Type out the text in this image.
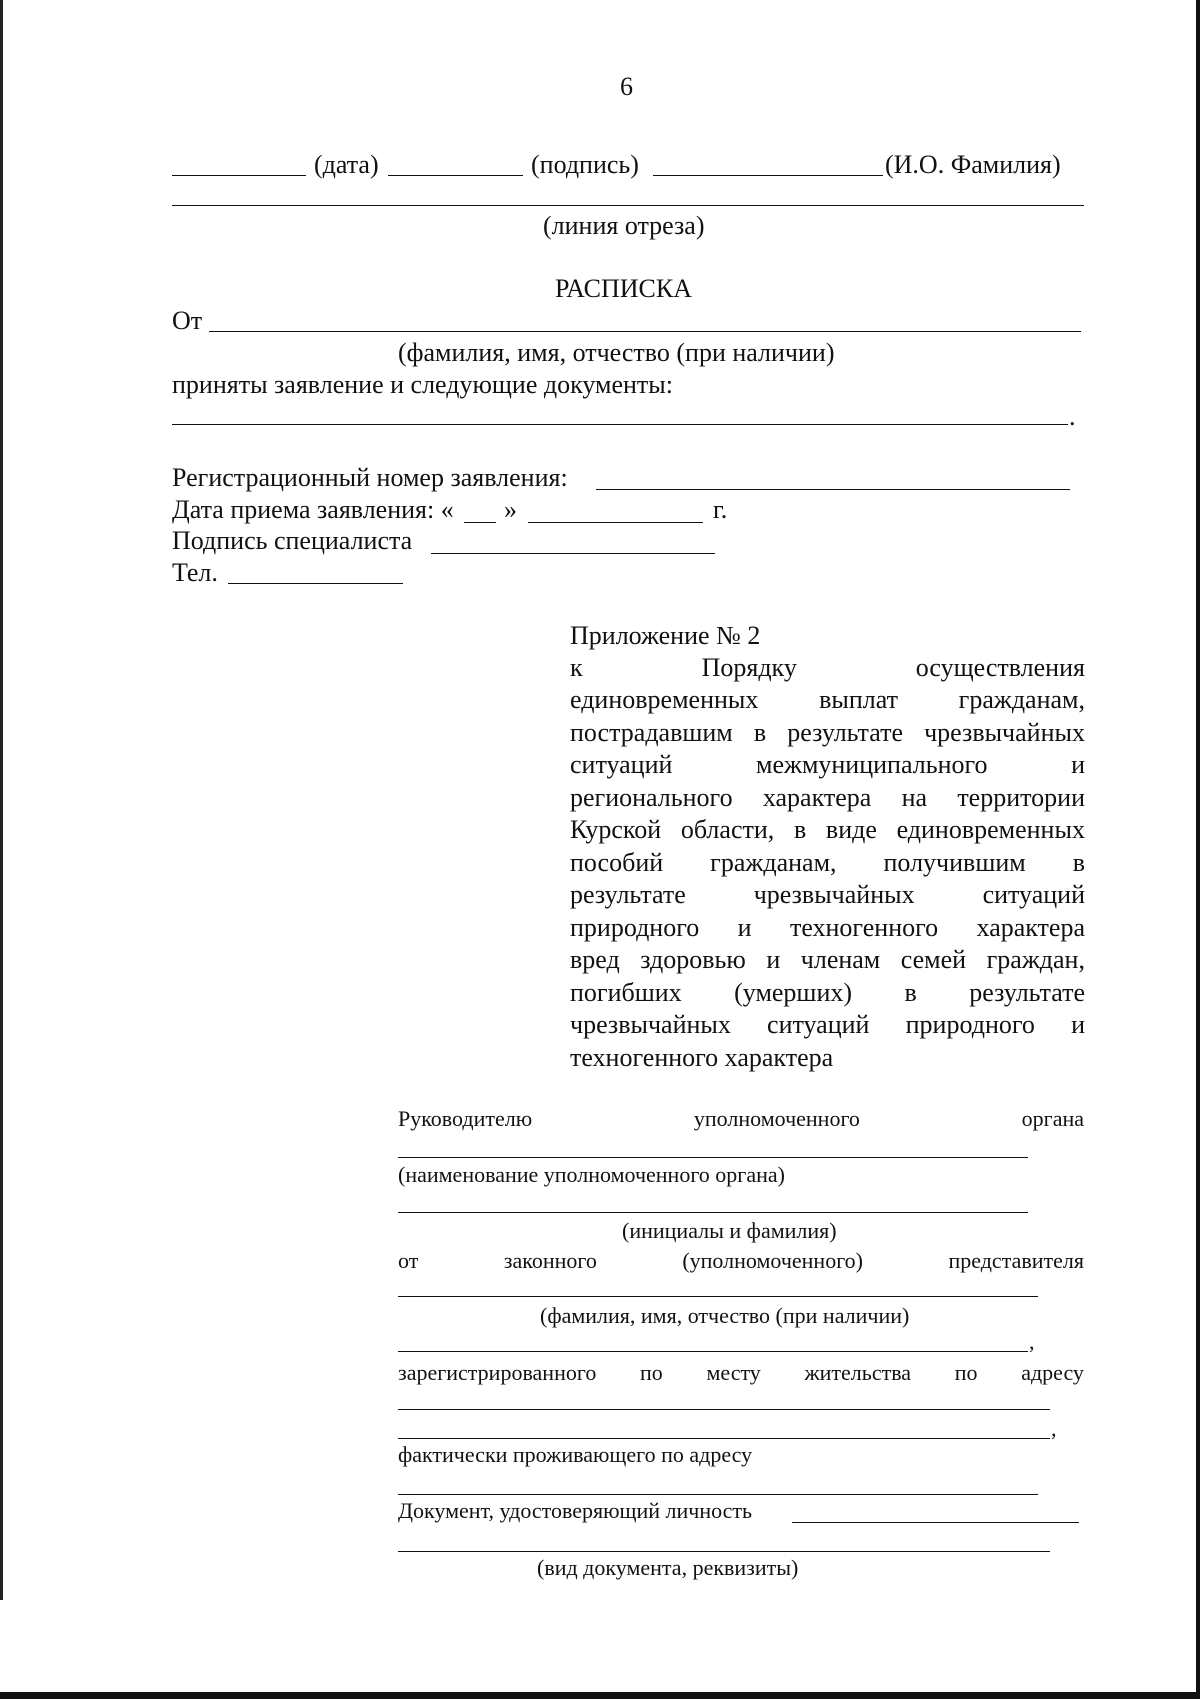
6
(дата)	(подпись)	(И.О. Фамилия)
(линия отреза)
РАСПИСКА
От
(фамилия, имя, отчество (при наличии)
приняты заявление и следующие документы:
.
Регистрационный номер заявления:
Дата приема заявления: « »	г.
Подпись специалиста
Тел.
Приложение № 2
к	Порядку	осуществления
единовременных выплат гражданам,
пострадавшим в результате чрезвычайных
ситуаций	межмуниципального	и
регионального характера на территории
Курской области, в виде единовременных
пособий гражданам, получившим в
результате	чрезвычайных	ситуаций
природного и техногенного характера
вред здоровью и членам семей граждан,
погибших (умерших) в результате
чрезвычайных ситуаций природного и
техногенного характера
Руководителю	уполномоченного	органа
(наименование уполномоченного органа)
(инициалы и фамилия)
от	законного	(уполномоченного)	представителя
(фамилия, имя, отчество (при наличии)
,
зарегистрированного по месту жительства по адресу
,
фактически проживающего по адресу
Документ, удостоверяющий личность
(вид документа, реквизиты)
